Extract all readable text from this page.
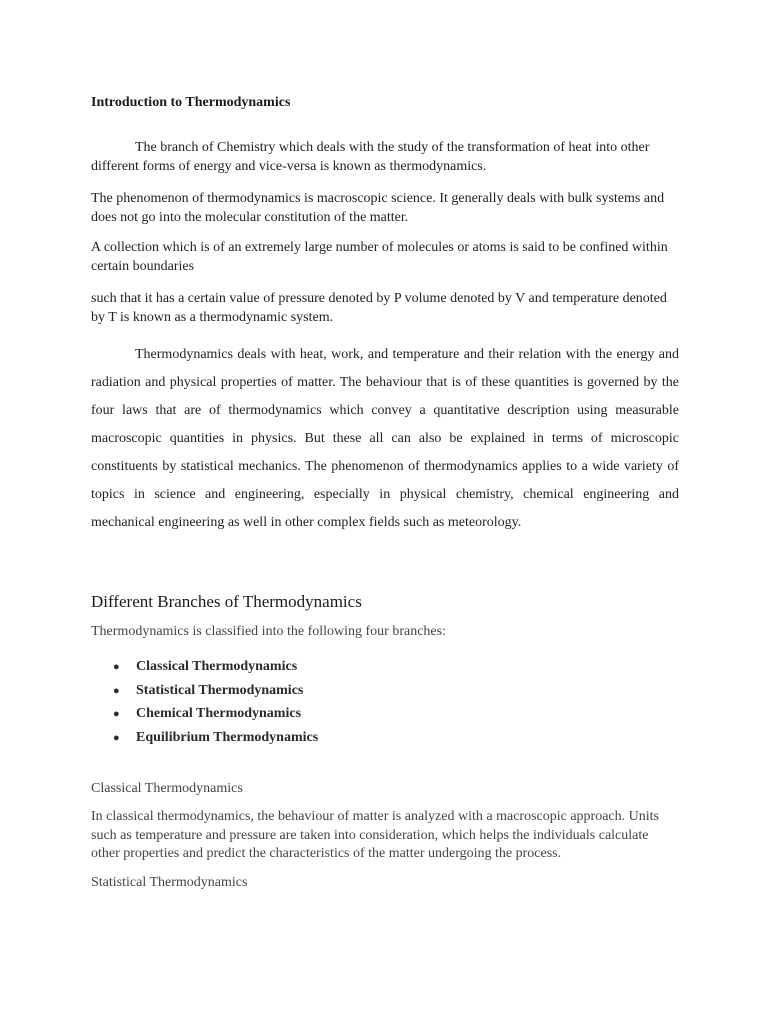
Introduction to Thermodynamics

The branch of Chemistry which deals with the study of the transformation of heat into other different forms of energy and vice-versa is known as thermodynamics.

The phenomenon of thermodynamics is macroscopic science. It generally deals with bulk systems and does not go into the molecular constitution of the matter.

A collection which is of an extremely large number of molecules or atoms is said to be confined within certain boundaries

such that it has a certain value of pressure denoted by P volume denoted by V and temperature denoted by T is known as a thermodynamic system.

Thermodynamics deals with heat, work, and temperature and their relation with the energy and radiation and physical properties of matter. The behaviour that is of these quantities is governed by the four laws that are of thermodynamics which convey a quantitative description using measurable macroscopic quantities in physics. But these all can also be explained in terms of microscopic constituents by statistical mechanics. The phenomenon of thermodynamics applies to a wide variety of topics in science and engineering, especially in physical chemistry, chemical engineering and mechanical engineering as well in other complex fields such as meteorology.

Different Branches of Thermodynamics

Thermodynamics is classified into the following four branches:

● Classical Thermodynamics
● Statistical Thermodynamics
● Chemical Thermodynamics
● Equilibrium Thermodynamics

Classical Thermodynamics

In classical thermodynamics, the behaviour of matter is analyzed with a macroscopic approach. Units such as temperature and pressure are taken into consideration, which helps the individuals calculate other properties and predict the characteristics of the matter undergoing the process.

Statistical Thermodynamics
